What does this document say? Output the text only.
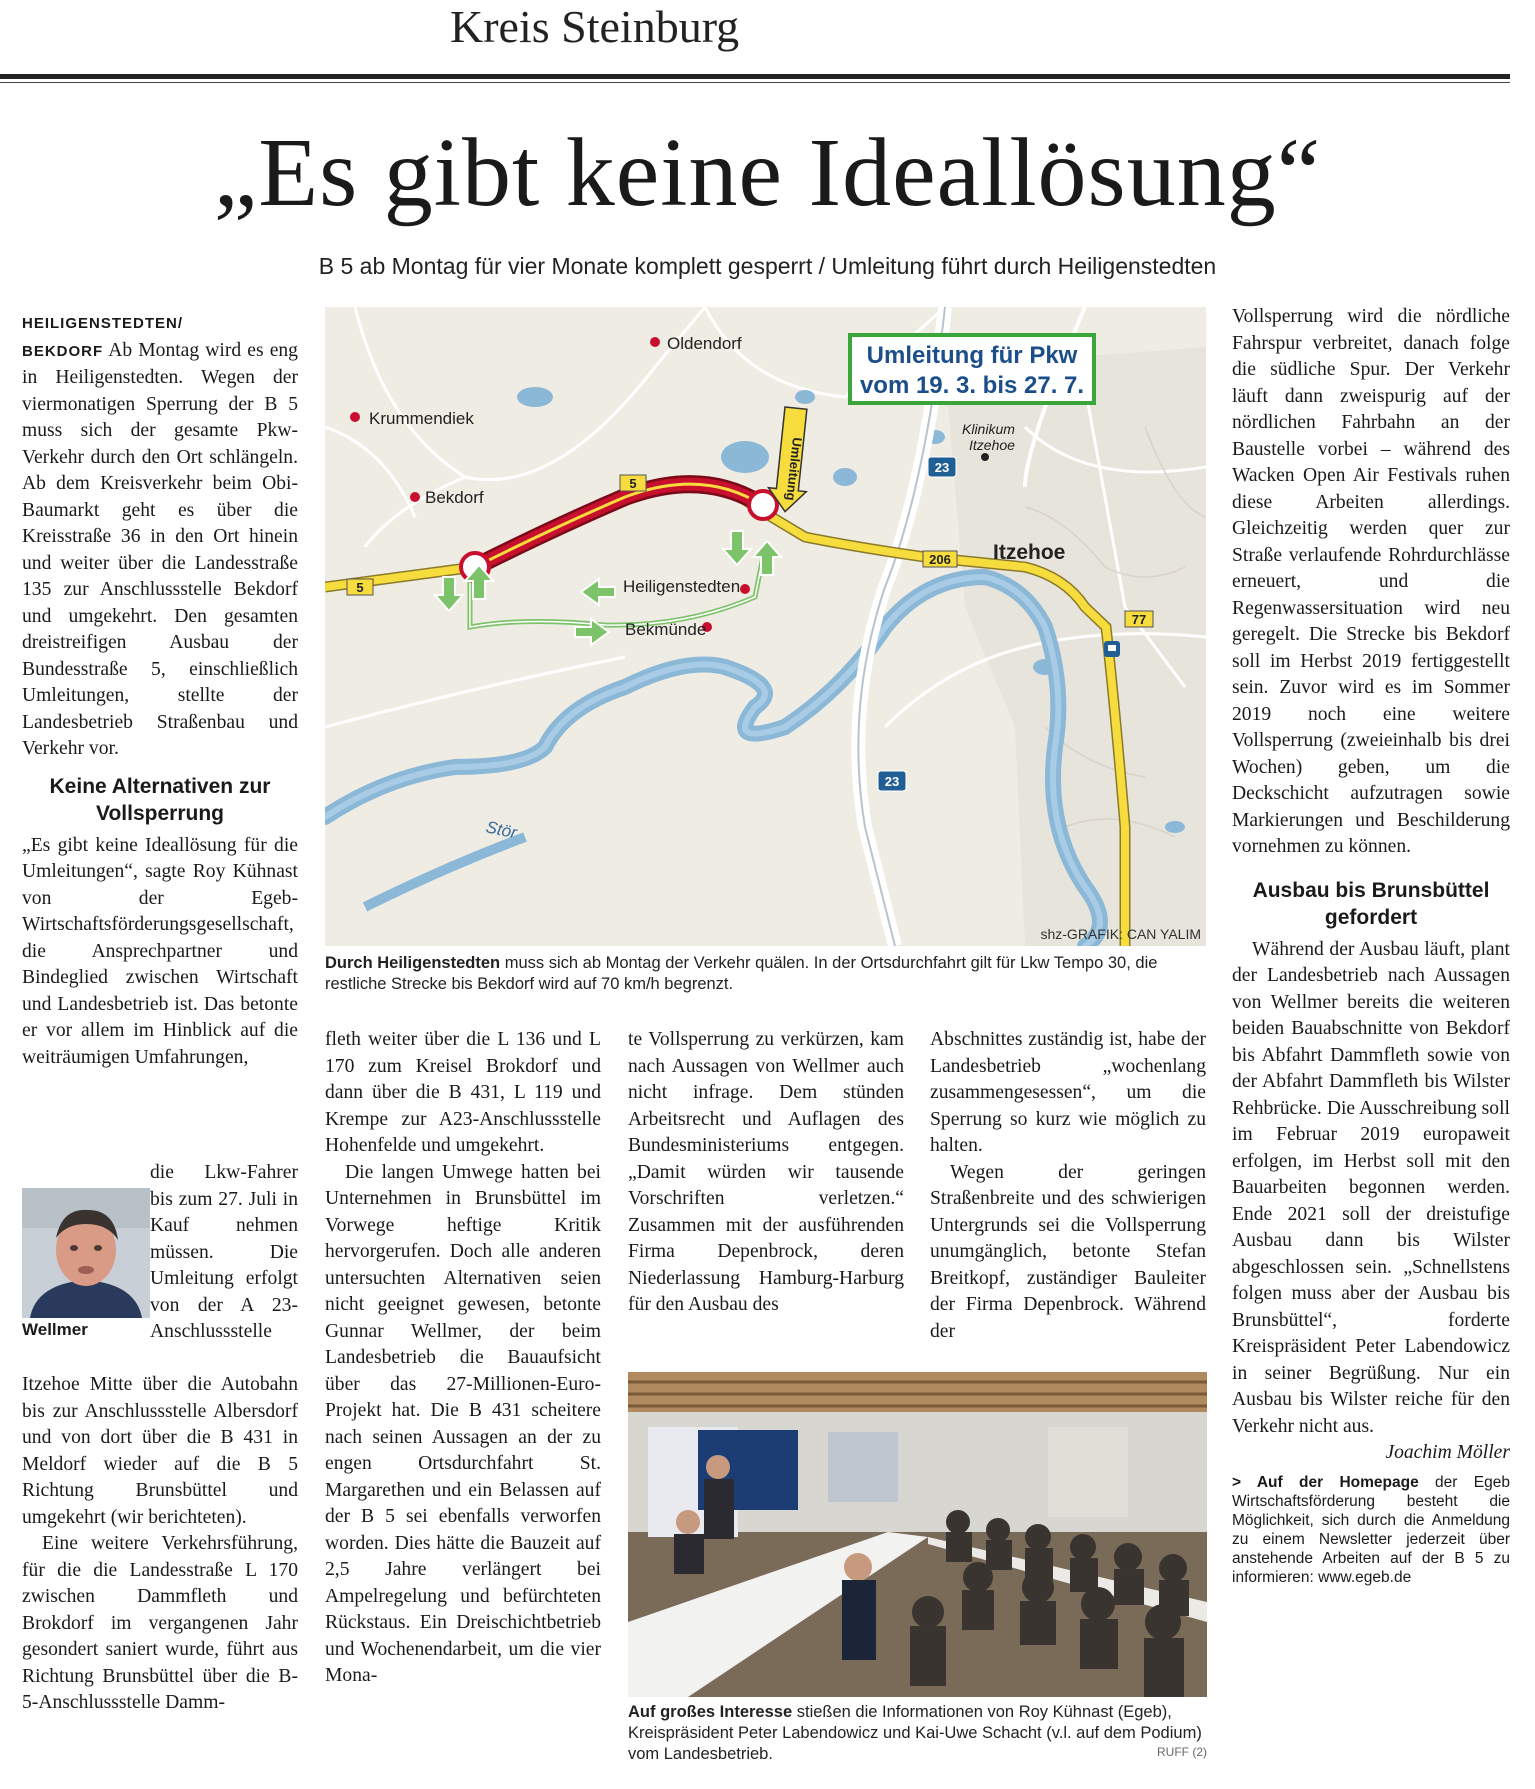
Kreis Steinburg
„Es gibt keine Ideallösung“
B 5 ab Montag für vier Monate komplett gesperrt / Umleitung führt durch Heiligenstedten

HEILIGENSTEDTEN/
BEKDORF Ab Montag wird es eng in Heiligenstedten. Wegen der viermonatigen Sperrung der B 5 muss sich der gesamte Pkw-Verkehr durch den Ort schlängeln. Ab dem Kreisverkehr beim Obi-Baumarkt geht es über die Kreisstraße 36 in den Ort hinein und weiter über die Landesstraße 135 zur Anschlussstelle Bekdorf und umgekehrt. Den gesamten dreistreifigen Ausbau der Bundesstraße 5, einschließlich Umleitungen, stellte der Landesbetrieb Straßenbau und Verkehr vor.

Keine Alternativen zur Vollsperrung

„Es gibt keine Ideallösung für die Umleitungen“, sagte Roy Kühnast von der Egeb-Wirtschaftsförderungsgesellschaft, die Ansprechpartner und Bindeglied zwischen Wirtschaft und Landesbetrieb ist. Das betonte er vor allem im Hinblick auf die weiträumigen Umfahrungen,

Wellmer

die Lkw-Fahrer bis zum 27. Juli in Kauf nehmen müssen. Die Umleitung erfolgt von der A 23-Anschlussstelle

Itzehoe Mitte über die Autobahn bis zur Anschlussstelle Albersdorf und von dort über die B 431 in Meldorf wieder auf die B 5 Richtung Brunsbüttel und umgekehrt (wir berichteten).

Eine weitere Verkehrsführung, für die die Landesstraße L 170 zwischen Dammfleth und Brokdorf im vergangenen Jahr gesondert saniert wurde, führt aus Richtung Brunsbüttel über die B-5-Anschlussstelle Damm-

Umleitung
Oldendorf
Krummendiek
Bekdorf
Heiligenstedten
Bekmünde
Klinikum
Itzehoe
Itzehoe
Stör
5
5
206
77
23
23
Umleitung für Pkw
vom 19. 3. bis 27. 7.
shz-GRAFIK: CAN YALIM
Durch Heiligenstedten muss sich ab Montag der Verkehr quälen. In der Ortsdurchfahrt gilt für Lkw Tempo 30, die restliche Strecke bis Bekdorf wird auf 70 km/h begrenzt.

fleth weiter über die L 136 und L 170 zum Kreisel Brokdorf und dann über die B 431, L 119 und Krempe zur A23-Anschlussstelle Hohenfelde und umgekehrt.

Die langen Umwege hatten bei Unternehmen in Brunsbüttel im Vorwege heftige Kritik hervorgerufen. Doch alle anderen untersuchten Alternativen seien nicht geeignet gewesen, betonte Gunnar Wellmer, der beim Landesbetrieb die Bauaufsicht über das 27-Millionen-Euro-Projekt hat. Die B 431 scheitere nach seinen Aussagen an der zu engen Ortsdurchfahrt St. Margarethen und ein Belassen auf der B 5 sei ebenfalls verworfen worden. Dies hätte die Bauzeit auf 2,5 Jahre verlängert bei Ampelregelung und befürchteten Rückstaus. Ein Dreischichtbetrieb und Wochenendarbeit, um die vier Mona-

te Vollsperrung zu verkürzen, kam nach Aussagen von Wellmer auch nicht infrage. Dem stünden Arbeitsrecht und Auflagen des Bundesministeriums entgegen. „Damit würden wir tausende Vorschriften verletzen.“ Zusammen mit der ausführenden Firma Depenbrock, deren Niederlassung Hamburg-Harburg für den Ausbau des

Abschnittes zuständig ist, habe der Landesbetrieb „wochenlang zusammengesessen“, um die Sperrung so kurz wie möglich zu halten.

Wegen der geringen Straßenbreite und des schwierigen Untergrunds sei die Vollsperrung unumgänglich, betonte Stefan Breitkopf, zuständiger Bauleiter der Firma Depenbrock. Während der

Auf großes Interesse stießen die Informationen von Roy Kühnast (Egeb), Kreispräsident Peter Labendowicz und Kai-Uwe Schacht (v.l. auf dem Podium) vom Landesbetrieb.	RUFF (2)

Vollsperrung wird die nördliche Fahrspur verbreitet, danach folge die südliche Spur. Der Verkehr läuft dann zweispurig auf der nördlichen Fahrbahn an der Baustelle vorbei – während des Wacken Open Air Festivals ruhen diese Arbeiten allerdings. Gleichzeitig werden quer zur Straße verlaufende Rohrdurchlässe erneuert, und die Regenwassersituation wird neu geregelt. Die Strecke bis Bekdorf soll im Herbst 2019 fertiggestellt sein. Zuvor wird es im Sommer 2019 noch eine weitere Vollsperrung (zweieinhalb bis drei Wochen) geben, um die Deckschicht aufzutragen sowie Markierungen und Beschilderung vornehmen zu können.

Ausbau bis Brunsbüttel gefordert

Während der Ausbau läuft, plant der Landesbetrieb nach Aussagen von Wellmer bereits die weiteren beiden Bauabschnitte von Bekdorf bis Abfahrt Dammfleth sowie von der Abfahrt Dammfleth bis Wilster Rehbrücke. Die Ausschreibung soll im Februar 2019 europaweit erfolgen, im Herbst soll mit den Bauarbeiten begonnen werden. Ende 2021 soll der dreistufige Ausbau dann bis Wilster abgeschlossen sein. „Schnellstens folgen muss aber der Ausbau bis Brunsbüttel“, forderte Kreispräsident Peter Labendowicz in seiner Begrüßung. Nur ein Ausbau bis Wilster reiche für den Verkehr nicht aus.

Joachim Möller

> Auf der Homepage der Egeb Wirtschaftsförderung besteht die Möglichkeit, sich durch die Anmeldung zu einem Newsletter jederzeit über anstehende Arbeiten auf der B 5 zu informieren: www.egeb.de
